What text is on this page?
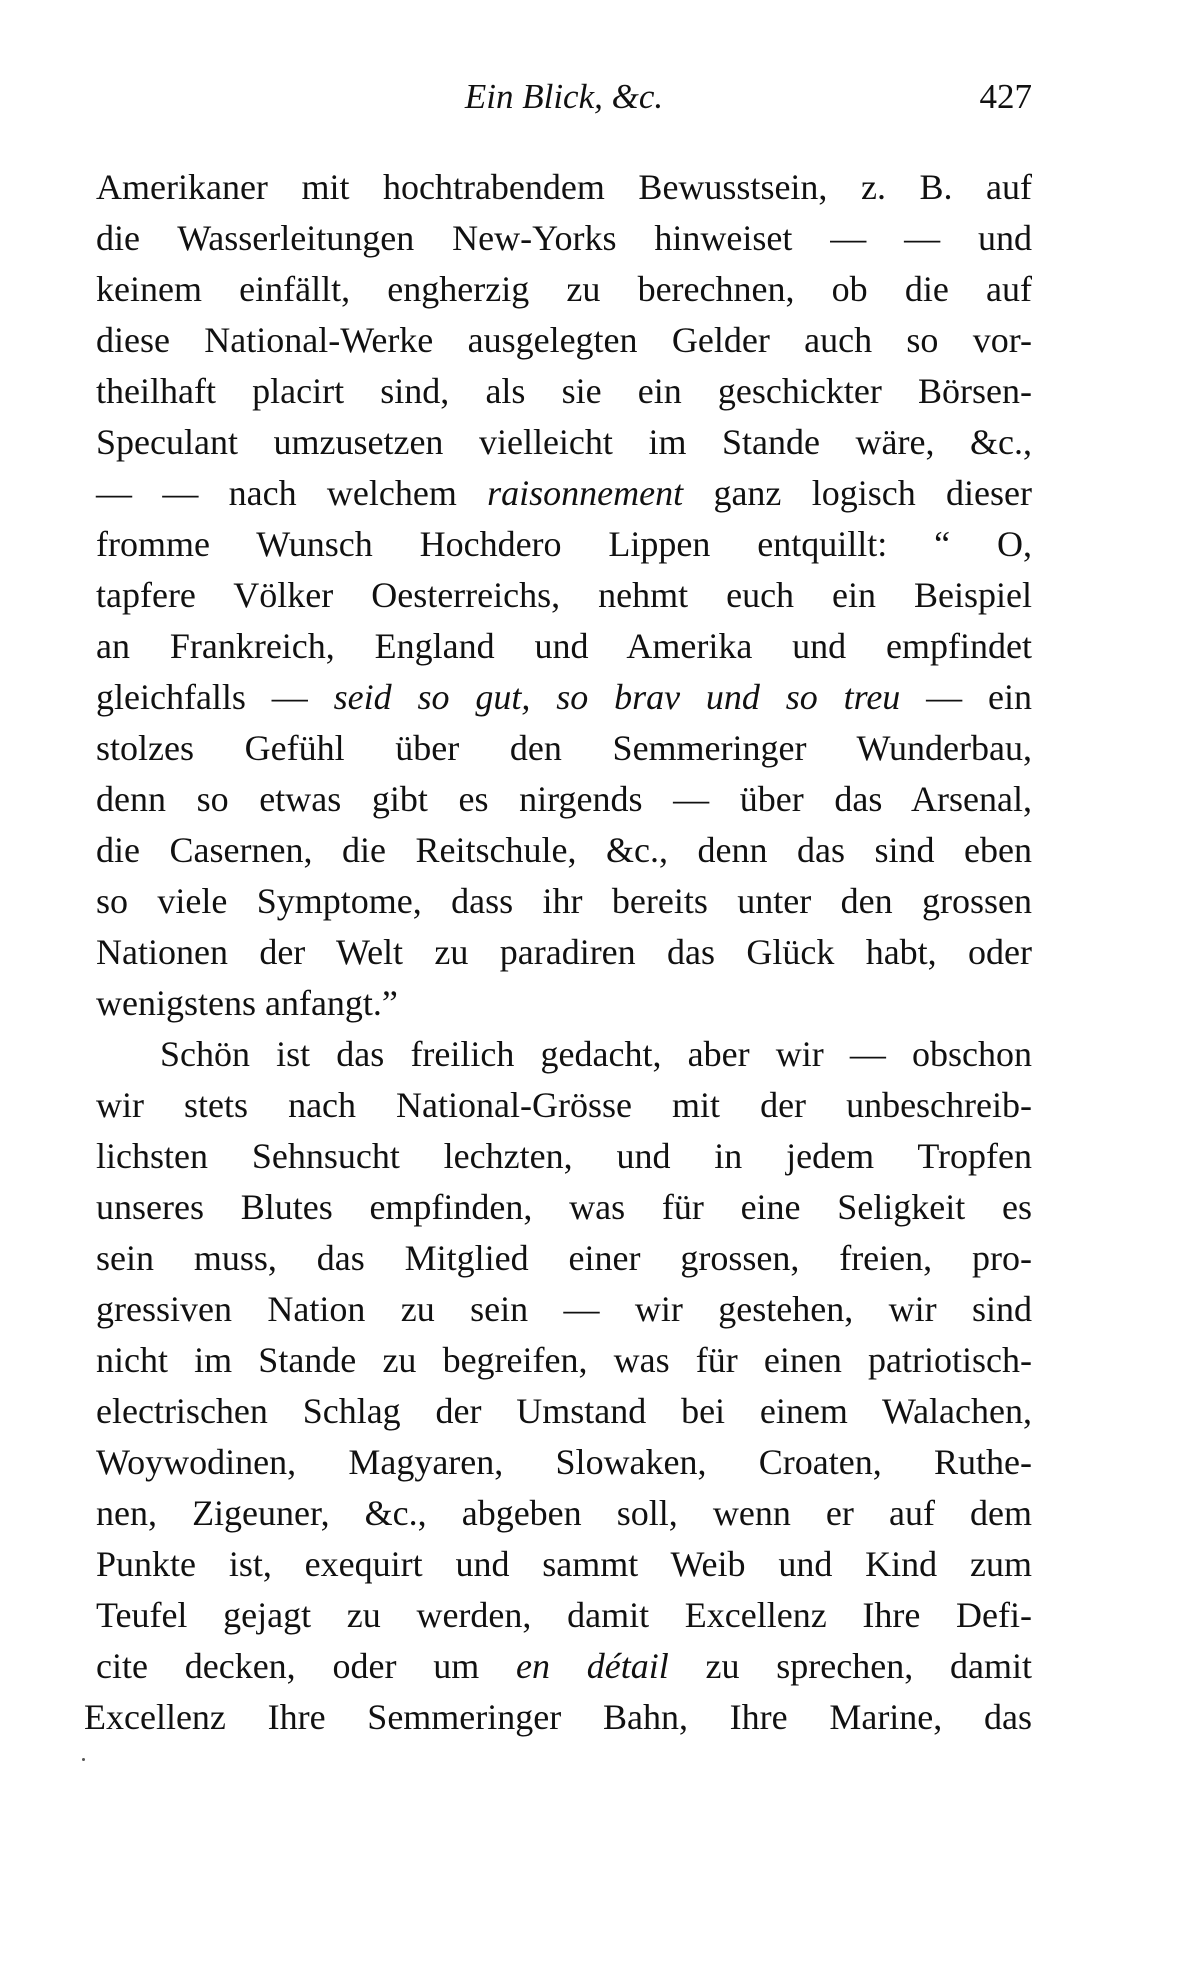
Ein Blick, &c.	427
Amerikaner mit hochtrabendem Bewusstsein, z. B. auf
die Wasserleitungen New-Yorks hinweiset — — und
keinem einfällt, engherzig zu berechnen, ob die auf
diese National-Werke ausgelegten Gelder auch so vor-
theilhaft placirt sind, als sie ein geschickter Börsen-
Speculant umzusetzen vielleicht im Stande wäre, &c.,
— — nach welchem raisonnement ganz logisch dieser
fromme Wunsch Hochdero Lippen entquillt: “ O,
tapfere Völker Oesterreichs, nehmt euch ein Beispiel
an Frankreich, England und Amerika und empfindet
gleichfalls — seid so gut, so brav und so treu — ein
stolzes Gefühl über den Semmeringer Wunderbau,
denn so etwas gibt es nirgends — über das Arsenal,
die Casernen, die Reitschule, &c., denn das sind eben
so viele Symptome, dass ihr bereits unter den grossen
Nationen der Welt zu paradiren das Glück habt, oder
wenigstens anfangt.”
Schön ist das freilich gedacht, aber wir — obschon
wir stets nach National-Grösse mit der unbeschreib-
lichsten Sehnsucht lechzten, und in jedem Tropfen
unseres Blutes empfinden, was für eine Seligkeit es
sein muss, das Mitglied einer grossen, freien, pro-
gressiven Nation zu sein — wir gestehen, wir sind
nicht im Stande zu begreifen, was für einen patriotisch-
electrischen Schlag der Umstand bei einem Walachen,
Woywodinen, Magyaren, Slowaken, Croaten, Ruthe-
nen, Zigeuner, &c., abgeben soll, wenn er auf dem
Punkte ist, exequirt und sammt Weib und Kind zum
Teufel gejagt zu werden, damit Excellenz Ihre Defi-
cite decken, oder um en détail zu sprechen, damit
Excellenz Ihre Semmeringer Bahn, Ihre Marine, das
